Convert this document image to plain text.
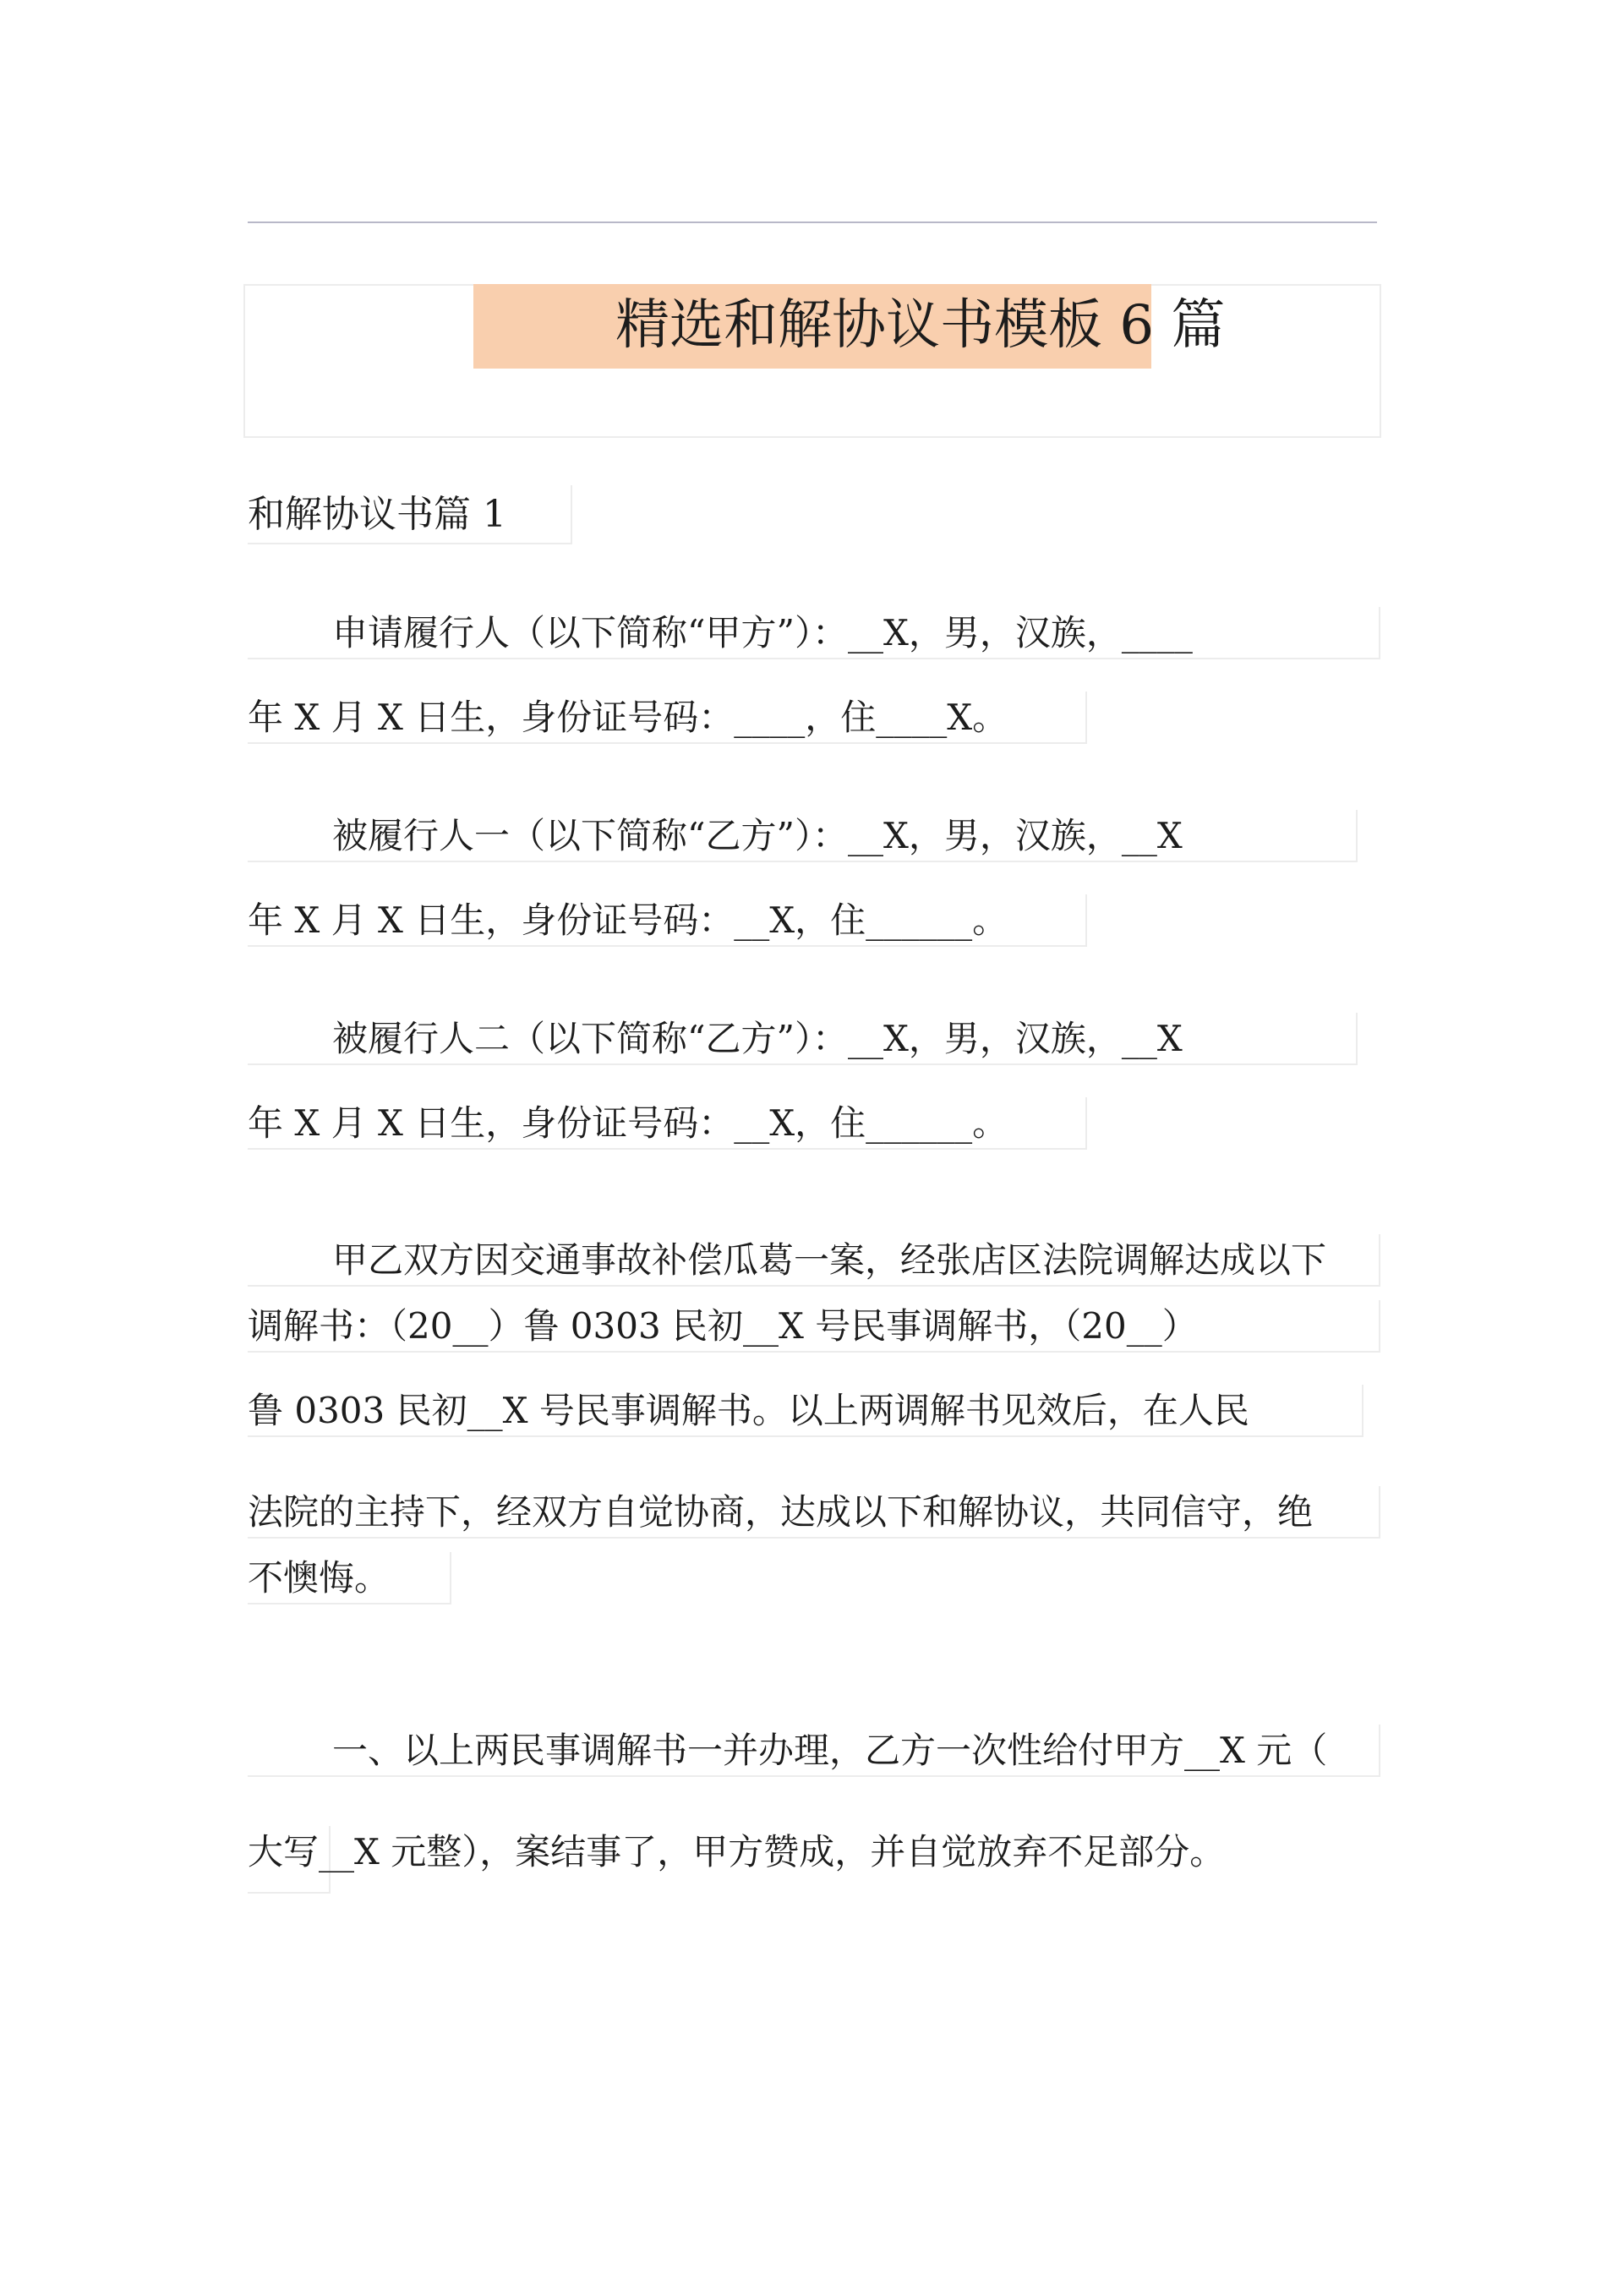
精选和解协议书模板 6 篇
和解协议书篇 1
申请履行人（以下简称“甲方”）：__X，男，汉族，____
年 X 月 X 日生，身份证号码：____，住____X。
被履行人一（以下简称“乙方”）：__X，男，汉族，__X
年 X 月 X 日生，身份证号码：__X，住______。
被履行人二（以下简称“乙方”）：__X，男，汉族，__X
年 X 月 X 日生，身份证号码：__X，住______。
甲乙双方因交通事故补偿瓜葛一案，经张店区法院调解达成以下
调解书：（20__）鲁 0303 民初__X 号民事调解书，（20__）
鲁 0303 民初__X 号民事调解书。以上两调解书见效后，在人民
法院的主持下，经双方自觉协商，达成以下和解协议，共同信守，绝
不懊悔。
一、以上两民事调解书一并办理，乙方一次性给付甲方__X 元（
大写__X 元整），案结事了，甲方赞成，并自觉放弃不足部分。
